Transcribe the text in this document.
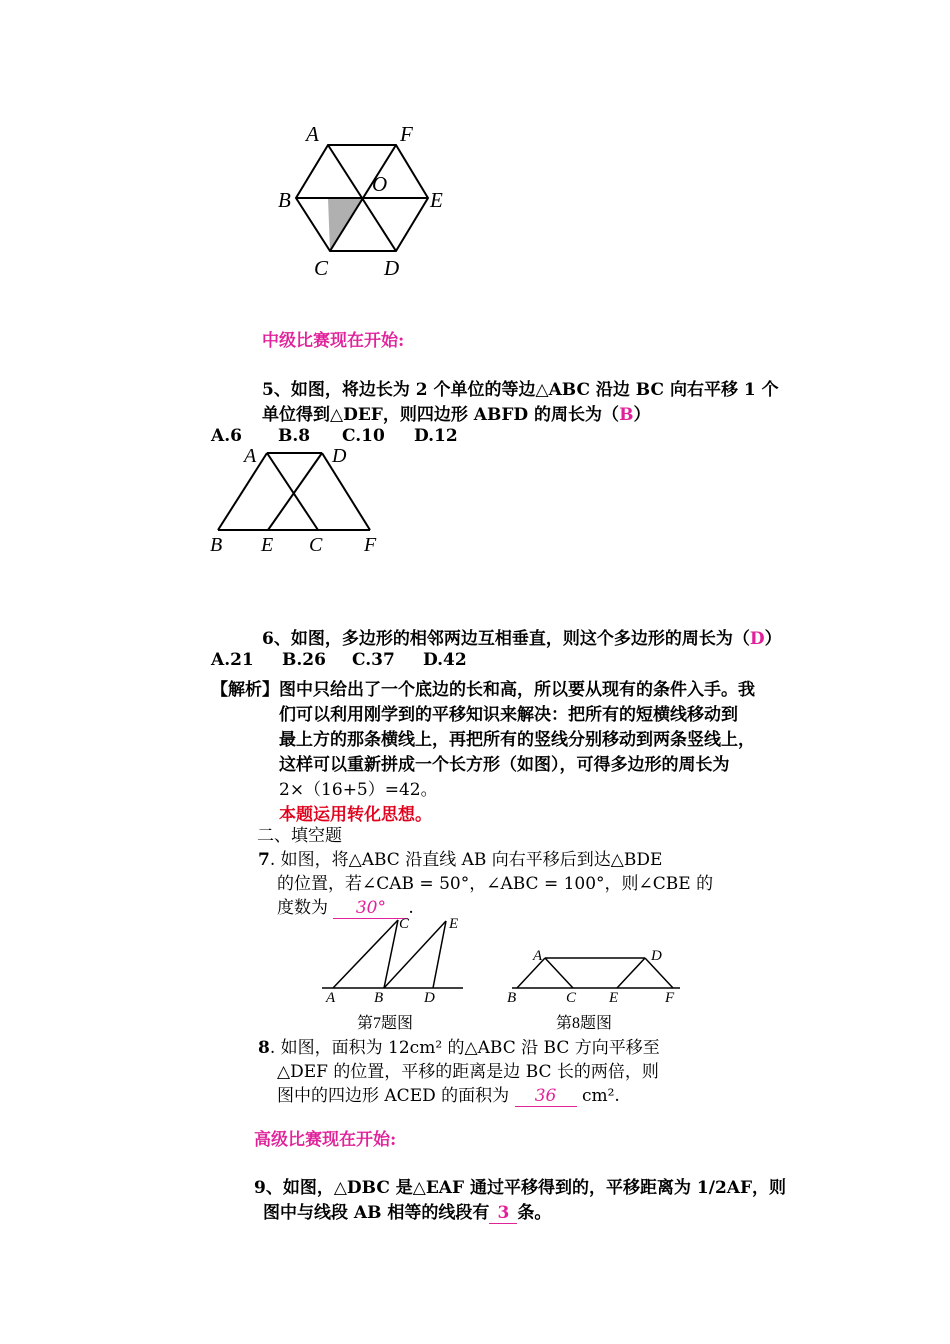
A	F
B
O
E
C	D
中级比赛现在开始:
5、如图，将边长为 2 个单位的等边△ABC 沿边 BC 向右平移 1 个
单位得到△DEF，则四边形 ABFD 的周长为（B）
A.6 B.8 C.10 D.12
A	D
B E C F
6、如图，多边形的相邻两边互相垂直，则这个多边形的周长为（D）
A.21 B.26 C.37 D.42
【解析】 图中只给出了一个底边的长和高，所以要从现有的条件入手。我
们可以利用刚学到的平移知识来解决：把所有的短横线移动到
最上方的那条横线上，再把所有的竖线分别移动到两条竖线上，
这样可以重新拼成一个长方形（如图），可得多边形的周长为
2×（16+5）=42。
本题运用转化思想。
二、填空题
7. 如图，将△ABC 沿直线 AB 向右平移后到达△BDE
的位置，若∠CAB = 50°，∠ABC = 100°，则∠CBE 的
度数为 30° .
C	E
A	B	D
第7题图
A	D
B	C E	F
第8题图
8. 如图，面积为 12cm² 的△ABC 沿 BC 方向平移至
△DEF 的位置，平移的距离是边 BC 长的两倍，则
图中的四边形 ACED 的面积为 36 cm².
高级比赛现在开始:
9、如图，△DBC 是△EAF 通过平移得到的，平移距离为 1/2AF，则
图中与线段 AB 相等的线段有 3 条。
